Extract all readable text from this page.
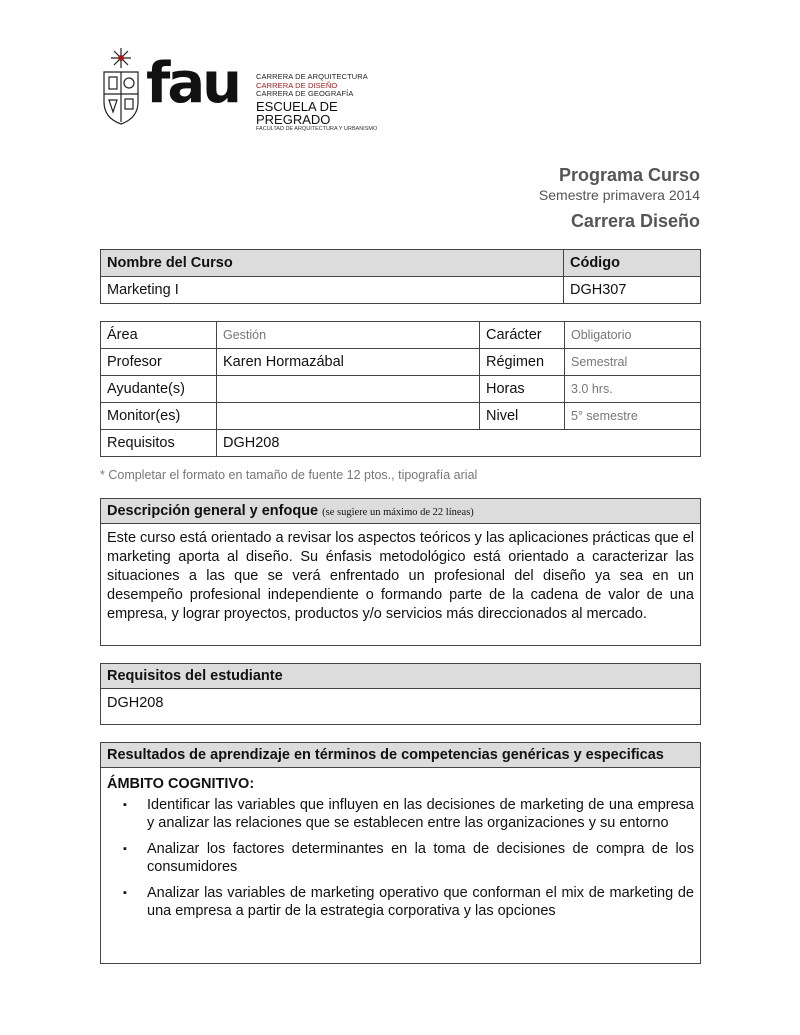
fau CARRERA DE ARQUITECTURA
CARRERA DE DISEÑO
CARRERA DE GEOGRAFÍA
ESCUELA DE PREGRADO
FACULTAD DE ARQUITECTURA Y URBANISMO
Programa Curso
Semestre primavera 2014
Carrera Diseño
Nombre del Curso	Código
Marketing I	DGH307
Área	Gestión	Carácter	Obligatorio
Profesor	Karen Hormazábal	Régimen	Semestral
Ayudante(s)		Horas	3.0 hrs.
Monitor(es)		Nivel	5° semestre
Requisitos	DGH208		
* Completar el formato en tamaño de fuente 12 ptos., tipografía arial
Descripción general y enfoque (se sugiere un máximo de 22 líneas)
Este curso está orientado a revisar los aspectos teóricos y las aplicaciones prácticas que el marketing aporta al diseño. Su énfasis metodológico está orientado a caracterizar las situaciones a las que se verá enfrentado un profesional del diseño ya sea en un desempeño profesional independiente o formando parte de la cadena de valor de una empresa, y lograr proyectos, productos y/o servicios más direccionados al mercado.
Requisitos del estudiante
DGH208
Resultados de aprendizaje en términos de competencias genéricas y especificas
ÁMBITO COGNITIVO:
▪ Identificar las variables que influyen en las decisiones de marketing de una empresa y analizar las relaciones que se establecen entre las organizaciones y su entorno
▪ Analizar los factores determinantes en la toma de decisiones de compra de los consumidores
▪ Analizar las variables de marketing operativo que conforman el mix de marketing de una empresa a partir de la estrategia corporativa y las opciones
